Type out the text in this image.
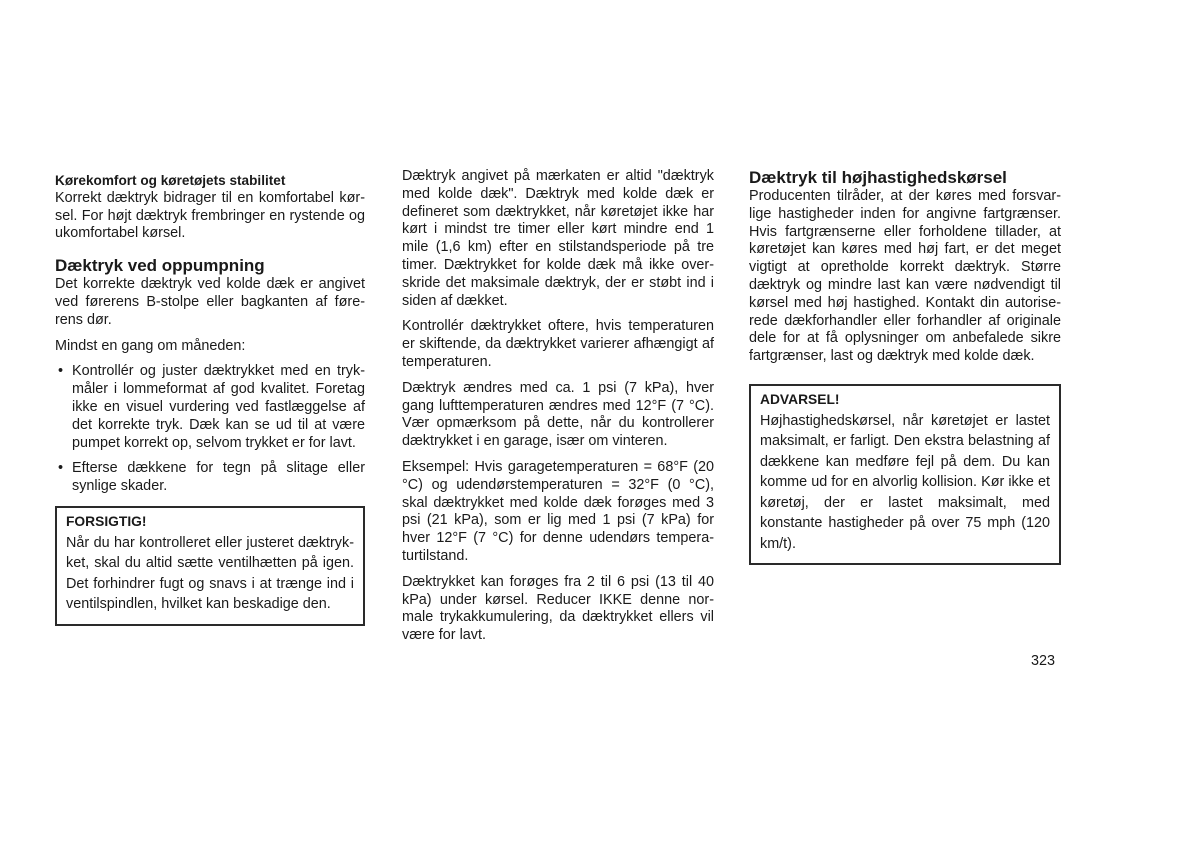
Kørekomfort og køretøjets stabilitet

Korrekt dæktryk bidrager til en komfortabel kørsel. For højt dæktryk frembringer en rystende og ukomfortabel kørsel.

Dæktryk ved oppumpning

Det korrekte dæktryk ved kolde dæk er angivet ved førerens B-stolpe eller bagkanten af førerens dør.

Mindst en gang om måneden:

• Kontrollér og juster dæktrykket med en trykmåler i lommeformat af god kvalitet. Foretag ikke en visuel vurdering ved fastlæggelse af det korrekte tryk. Dæk kan se ud til at være pumpet korrekt op, selvom trykket er for lavt.
• Efterse dækkene for tegn på slitage eller synlige skader.
FORSIGTIG!
Når du har kontrolleret eller justeret dæktrykket, skal du altid sætte ventilhætten på igen. Det forhindrer fugt og snavs i at trænge ind i ventilspindlen, hvilket kan beskadige den.

Dæktryk angivet på mærkaten er altid "dæktryk med kolde dæk". Dæktryk med kolde dæk er defineret som dæktrykket, når køretøjet ikke har kørt i mindst tre timer eller kørt mindre end 1 mile (1,6 km) efter en stilstandsperiode på tre timer. Dæktrykket for kolde dæk må ikke overskride det maksimale dæktryk, der er støbt ind i siden af dækket.

Kontrollér dæktrykket oftere, hvis temperaturen er skiftende, da dæktrykket varierer afhængigt af temperaturen.

Dæktryk ændres med ca. 1 psi (7 kPa), hver gang lufttemperaturen ændres med 12°F (7 °C). Vær opmærksom på dette, når du kontrollerer dæktrykket i en garage, især om vinteren.

Eksempel: Hvis garagetemperaturen = 68°F (20 °C) og udendørstemperaturen = 32°F (0 °C), skal dæktrykket med kolde dæk forøges med 3 psi (21 kPa), som er lig med 1 psi (7 kPa) for hver 12°F (7 °C) for denne udendørs temperaturtilstand.

Dæktrykket kan forøges fra 2 til 6 psi (13 til 40 kPa) under kørsel. Reducer IKKE denne normale trykakkumulering, da dæktrykket ellers vil være for lavt.

Dæktryk til højhastighedskørsel

Producenten tilråder, at der køres med forsvarlige hastigheder inden for angivne fartgrænser. Hvis fartgrænserne eller forholdene tillader, at køretøjet kan køres med høj fart, er det meget vigtigt at opretholde korrekt dæktryk. Større dæktryk og mindre last kan være nødvendigt til kørsel med høj hastighed. Kontakt din autoriserede dækforhandler eller forhandler af originale dele for at få oplysninger om anbefalede sikre fartgrænser, last og dæktryk med kolde dæk.

ADVARSEL!
Højhastighedskørsel, når køretøjet er lastet maksimalt, er farligt. Den ekstra belastning af dækkene kan medføre fejl på dem. Du kan komme ud for en alvorlig kollision. Kør ikke et køretøj, der er lastet maksimalt, med konstante hastigheder på over 75 mph (120 km/t).
323
